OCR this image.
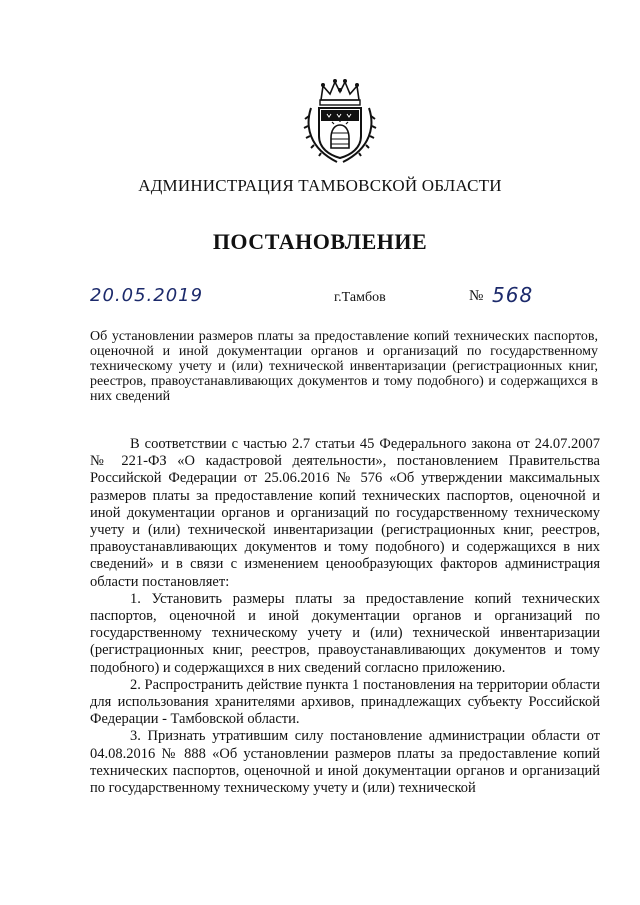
АДМИНИСТРАЦИЯ ТАМБОВСКОЙ ОБЛАСТИ
ПОСТАНОВЛЕНИЕ
20.05.2019	г.Тамбов	№ 568
Об установлении размеров платы за предоставление копий технических паспортов, оценочной и иной документации органов и организаций по государственному техническому учету и (или) технической инвентаризации (регистрационных книг, реестров, правоустанавливающих документов и тому подобного) и содержащихся в них сведений

В соответствии с частью 2.7 статьи 45 Федерального закона от 24.07.2007 № 221-ФЗ «О кадастровой деятельности», постановлением Правительства Российской Федерации от 25.06.2016 № 576 «Об утверждении максимальных размеров платы за предоставление копий технических паспортов, оценочной и иной документации органов и организаций по государственному техническому учету и (или) технической инвентаризации (регистрационных книг, реестров, правоустанавливающих документов и тому подобного) и содержащихся в них сведений» и в связи с изменением ценообразующих факторов администрация области постановляет:

1. Установить размеры платы за предоставление копий технических паспортов, оценочной и иной документации органов и организаций по государственному техническому учету и (или) технической инвентаризации (регистрационных книг, реестров, правоустанавливающих документов и тому подобного) и содержащихся в них сведений согласно приложению.

2. Распространить действие пункта 1 постановления на территории области для использования хранителями архивов, принадлежащих субъекту Российской Федерации - Тамбовской области.

3. Признать утратившим силу постановление администрации области от 04.08.2016 № 888 «Об установлении размеров платы за предоставление копий технических паспортов, оценочной и иной документации органов и организаций по государственному техническому учету и (или) технической
